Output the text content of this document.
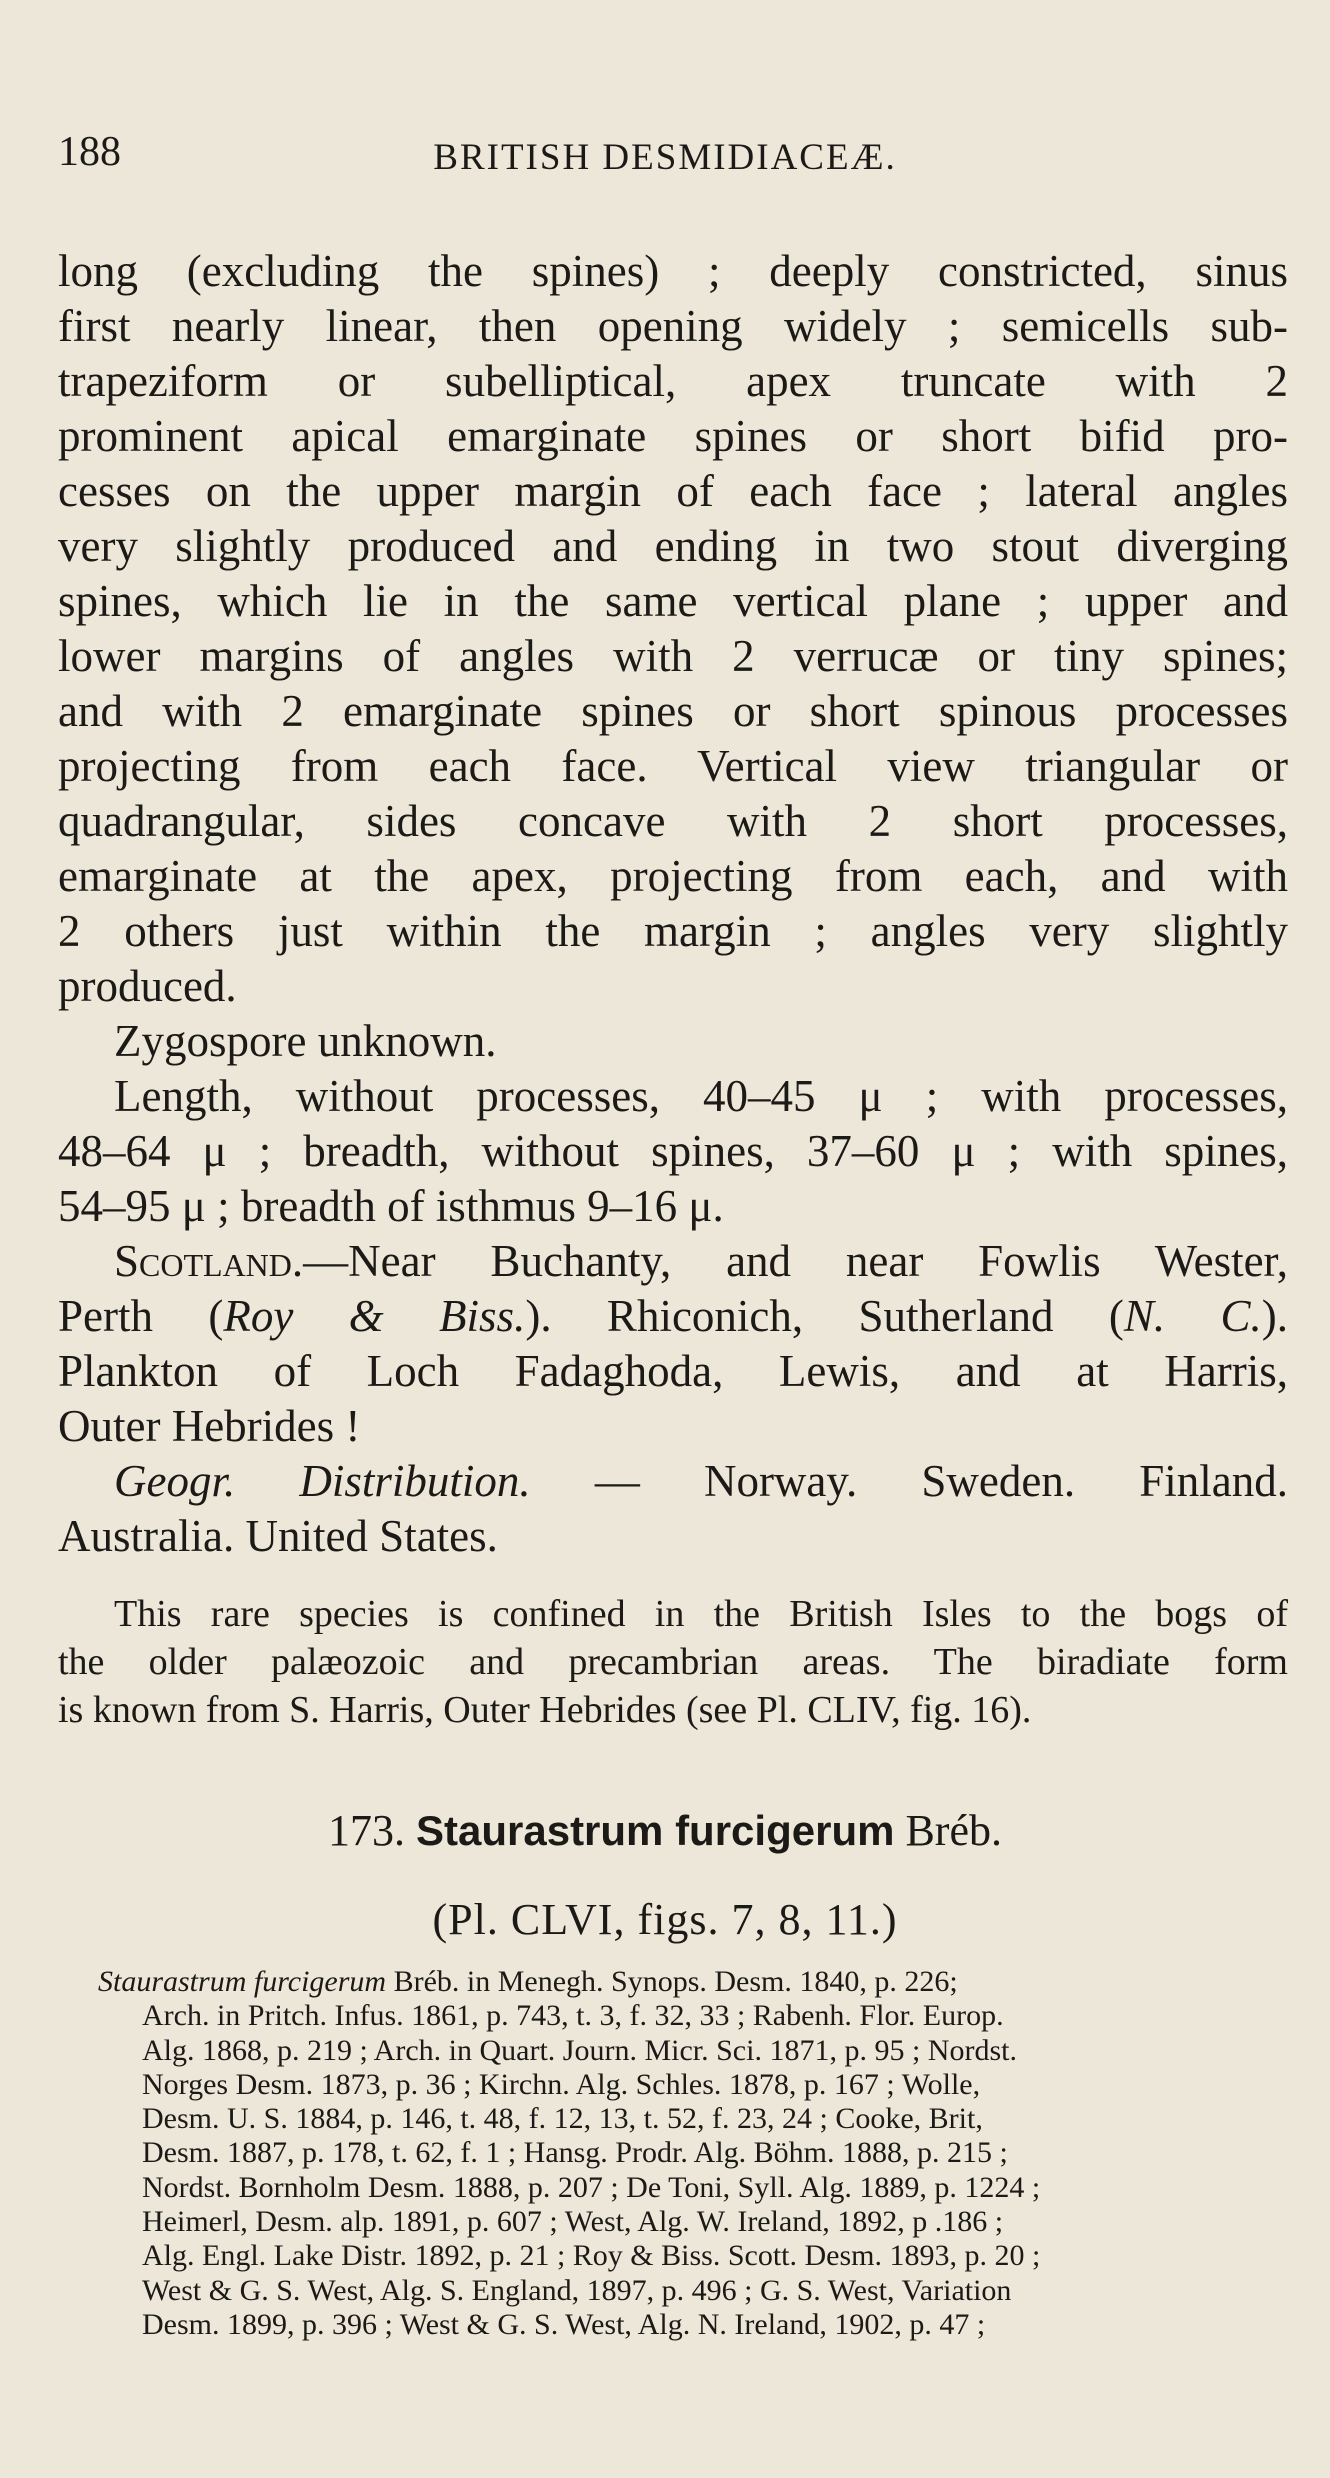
188	BRITISH DESMIDIACEÆ.
long (excluding the spines) ; deeply constricted, sinus
first nearly linear, then opening widely ; semicells sub-
trapeziform or subelliptical, apex truncate with 2
prominent apical emarginate spines or short bifid pro-
cesses on the upper margin of each face ; lateral angles
very slightly produced and ending in two stout diverging
spines, which lie in the same vertical plane ; upper and
lower margins of angles with 2 verrucæ or tiny spines;
and with 2 emarginate spines or short spinous processes
projecting from each face. Vertical view triangular or
quadrangular, sides concave with 2 short processes,
emarginate at the apex, projecting from each, and with
2 others just within the margin ; angles very slightly
produced.
Zygospore unknown.
Length, without processes, 40–45 μ ; with processes,
48–64 μ ; breadth, without spines, 37–60 μ ; with spines,
54–95 μ ; breadth of isthmus 9–16 μ.
Scotland.—Near Buchanty, and near Fowlis Wester,
Perth (Roy & Biss.). Rhiconich, Sutherland (N. C.).
Plankton of Loch Fadaghoda, Lewis, and at Harris,
Outer Hebrides !
Geogr. Distribution. — Norway. Sweden. Finland.
Australia. United States.
This rare species is confined in the British Isles to the bogs of
the older palæozoic and precambrian areas. The biradiate form
is known from S. Harris, Outer Hebrides (see Pl. CLIV, fig. 16).
173. Staurastrum furcigerum Bréb.
(Pl. CLVI, figs. 7, 8, 11.)
Staurastrum furcigerum Bréb. in Menegh. Synops. Desm. 1840, p. 226;
Arch. in Pritch. Infus. 1861, p. 743, t. 3, f. 32, 33 ; Rabenh. Flor. Europ.
Alg. 1868, p. 219 ; Arch. in Quart. Journ. Micr. Sci. 1871, p. 95 ; Nordst.
Norges Desm. 1873, p. 36 ; Kirchn. Alg. Schles. 1878, p. 167 ; Wolle,
Desm. U. S. 1884, p. 146, t. 48, f. 12, 13, t. 52, f. 23, 24 ; Cooke, Brit,
Desm. 1887, p. 178, t. 62, f. 1 ; Hansg. Prodr. Alg. Böhm. 1888, p. 215 ;
Nordst. Bornholm Desm. 1888, p. 207 ; De Toni, Syll. Alg. 1889, p. 1224 ;
Heimerl, Desm. alp. 1891, p. 607 ; West, Alg. W. Ireland, 1892, p .186 ;
Alg. Engl. Lake Distr. 1892, p. 21 ; Roy & Biss. Scott. Desm. 1893, p. 20 ;
West & G. S. West, Alg. S. England, 1897, p. 496 ; G. S. West, Variation
Desm. 1899, p. 396 ; West & G. S. West, Alg. N. Ireland, 1902, p. 47 ;
